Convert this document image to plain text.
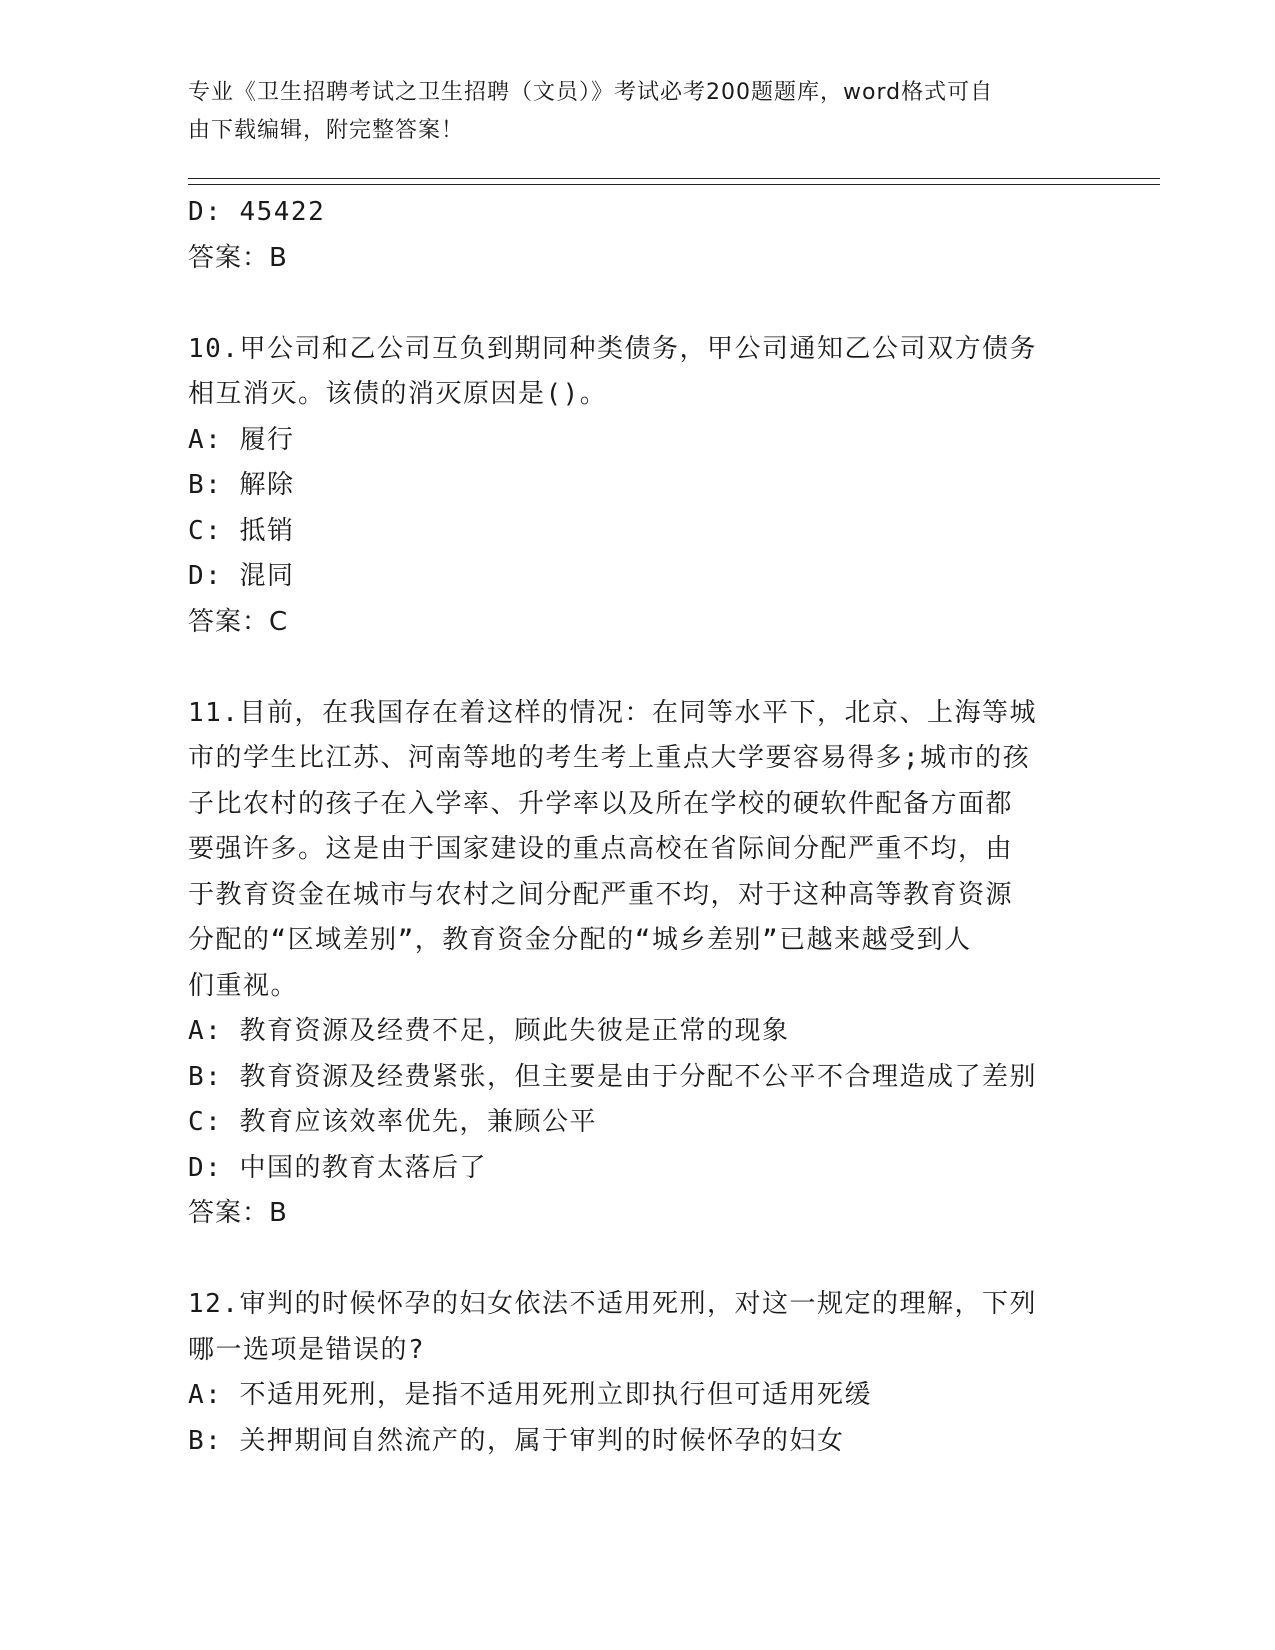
专业《卫生招聘考试之卫生招聘（文员）》考试必考200题题库，word格式可自
由下载编辑，附完整答案！
D: 45422
答案：B
10.甲公司和乙公司互负到期同种类债务，甲公司通知乙公司双方债务
相互消灭。该债的消灭原因是()。
A: 履行
B: 解除
C: 抵销
D: 混同
答案：C
11.目前，在我国存在着这样的情况：在同等水平下，北京、上海等城
市的学生比江苏、河南等地的考生考上重点大学要容易得多;城市的孩
子比农村的孩子在入学率、升学率以及所在学校的硬软件配备方面都
要强许多。这是由于国家建设的重点高校在省际间分配严重不均，由
于教育资金在城市与农村之间分配严重不均，对于这种高等教育资源
分配的“区域差别”，教育资金分配的“城乡差别”已越来越受到人
们重视。
A: 教育资源及经费不足，顾此失彼是正常的现象
B: 教育资源及经费紧张，但主要是由于分配不公平不合理造成了差别
C: 教育应该效率优先，兼顾公平
D: 中国的教育太落后了
答案：B
12.审判的时候怀孕的妇女依法不适用死刑，对这一规定的理解，下列
哪一选项是错误的?
A: 不适用死刑，是指不适用死刑立即执行但可适用死缓
B: 关押期间自然流产的，属于审判的时候怀孕的妇女
